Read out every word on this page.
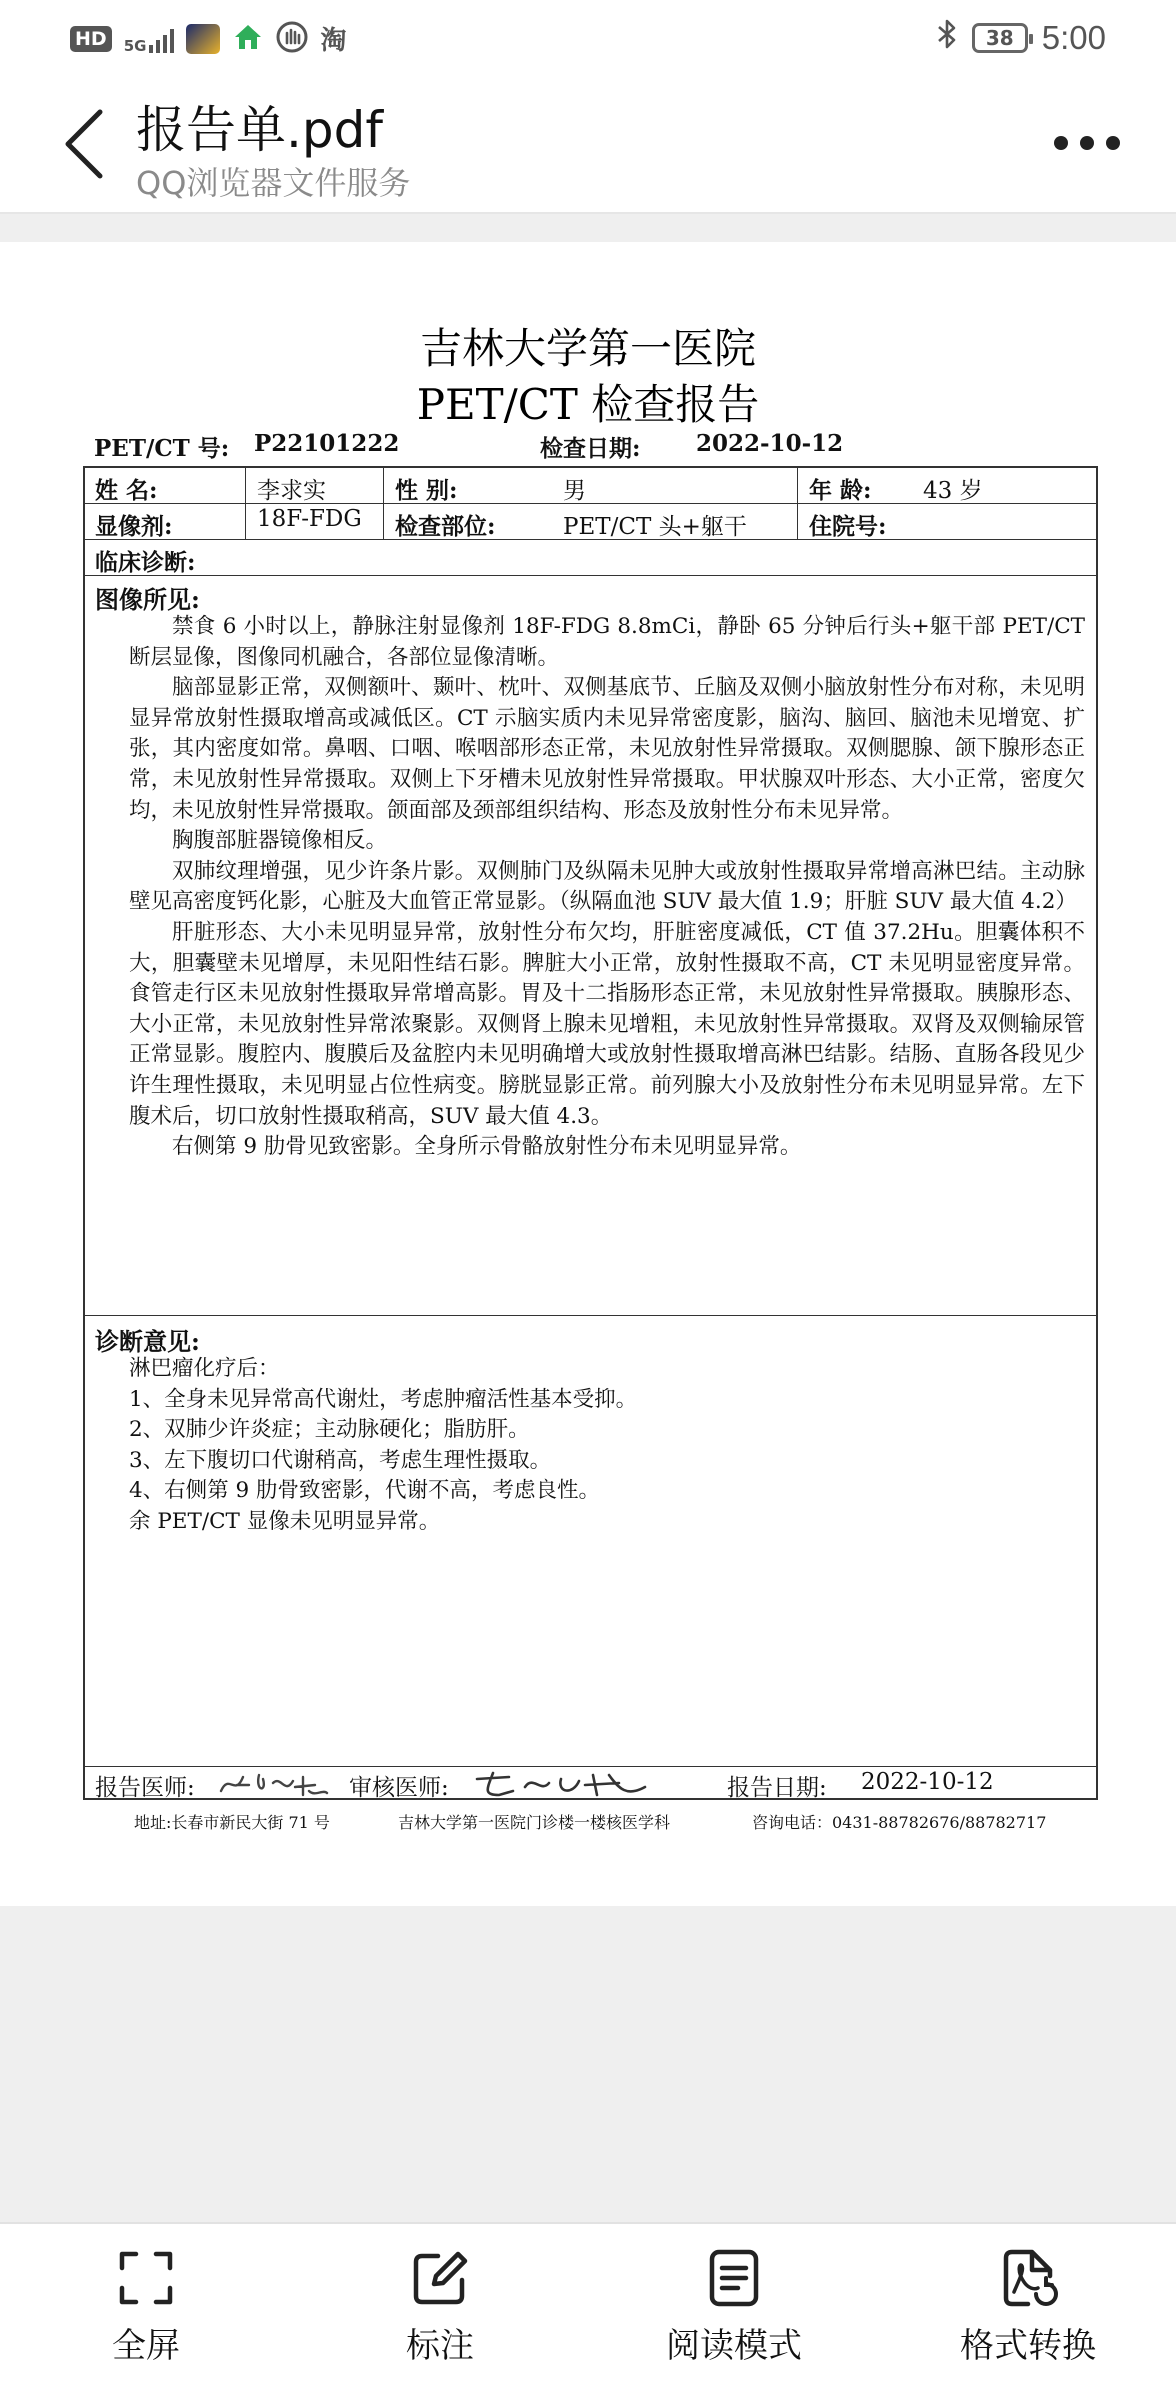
HD	5G	淘	38 5:00
报告单.pdf
QQ浏览器文件服务
吉林大学第一医院
PET/CT 检查报告
PET/CT 号: P22101222	检查日期: 2022-10-12
姓 名:	李求实	性 别:	男	年 龄: 43 岁
显像剂:	18F-FDG 检查部位:	PET/CT 头+躯干	住院号:
临床诊断:
图像所见:

禁食 6 小时以上，静脉注射显像剂 18F-FDG 8.8mCi，静卧 65 分钟后行头+躯干部 PET/CT 断层显像，图像同机融合，各部位显像清晰。

脑部显影正常，双侧额叶、颞叶、枕叶、双侧基底节、丘脑及双侧小脑放射性分布对称，未见明显异常放射性摄取增高或减低区。CT 示脑实质内未见异常密度影，脑沟、脑回、脑池未见增宽、扩张，其内密度如常。鼻咽、口咽、喉咽部形态正常，未见放射性异常摄取。双侧腮腺、颌下腺形态正常，未见放射性异常摄取。双侧上下牙槽未见放射性异常摄取。甲状腺双叶形态、大小正常，密度欠均，未见放射性异常摄取。颌面部及颈部组织结构、形态及放射性分布未见异常。

胸腹部脏器镜像相反。

双肺纹理增强，见少许条片影。双侧肺门及纵隔未见肿大或放射性摄取异常增高淋巴结。主动脉壁见高密度钙化影，心脏及大血管正常显影。（纵隔血池 SUV 最大值 1.9；肝脏 SUV 最大值 4.2）

肝脏形态、大小未见明显异常，放射性分布欠均，肝脏密度减低，CT 值 37.2Hu。胆囊体积不大，胆囊壁未见增厚，未见阳性结石影。脾脏大小正常，放射性摄取不高，CT 未见明显密度异常。食管走行区未见放射性摄取异常增高影。胃及十二指肠形态正常，未见放射性异常摄取。胰腺形态、大小正常，未见放射性异常浓聚影。双侧肾上腺未见增粗，未见放射性异常摄取。双肾及双侧输尿管正常显影。腹腔内、腹膜后及盆腔内未见明确增大或放射性摄取增高淋巴结影。结肠、直肠各段见少许生理性摄取，未见明显占位性病变。膀胱显影正常。前列腺大小及放射性分布未见明显异常。左下腹术后，切口放射性摄取稍高，SUV 最大值 4.3。

右侧第 9 肋骨见致密影。全身所示骨骼放射性分布未见明显异常。

诊断意见:
淋巴瘤化疗后：
1、全身未见异常高代谢灶，考虑肿瘤活性基本受抑。
2、双肺少许炎症；主动脉硬化；脂肪肝。
3、左下腹切口代谢稍高，考虑生理性摄取。
4、右侧第 9 肋骨致密影，代谢不高，考虑良性。
余 PET/CT 显像未见明显异常。
报告医师:	审核医师:	报告日期: 2022-10-12
地址:长春市新民大街 71 号	吉林大学第一医院门诊楼一楼核医学科	咨询电话：0431-88782676/88782717
全屏	标注	阅读模式	格式转换
